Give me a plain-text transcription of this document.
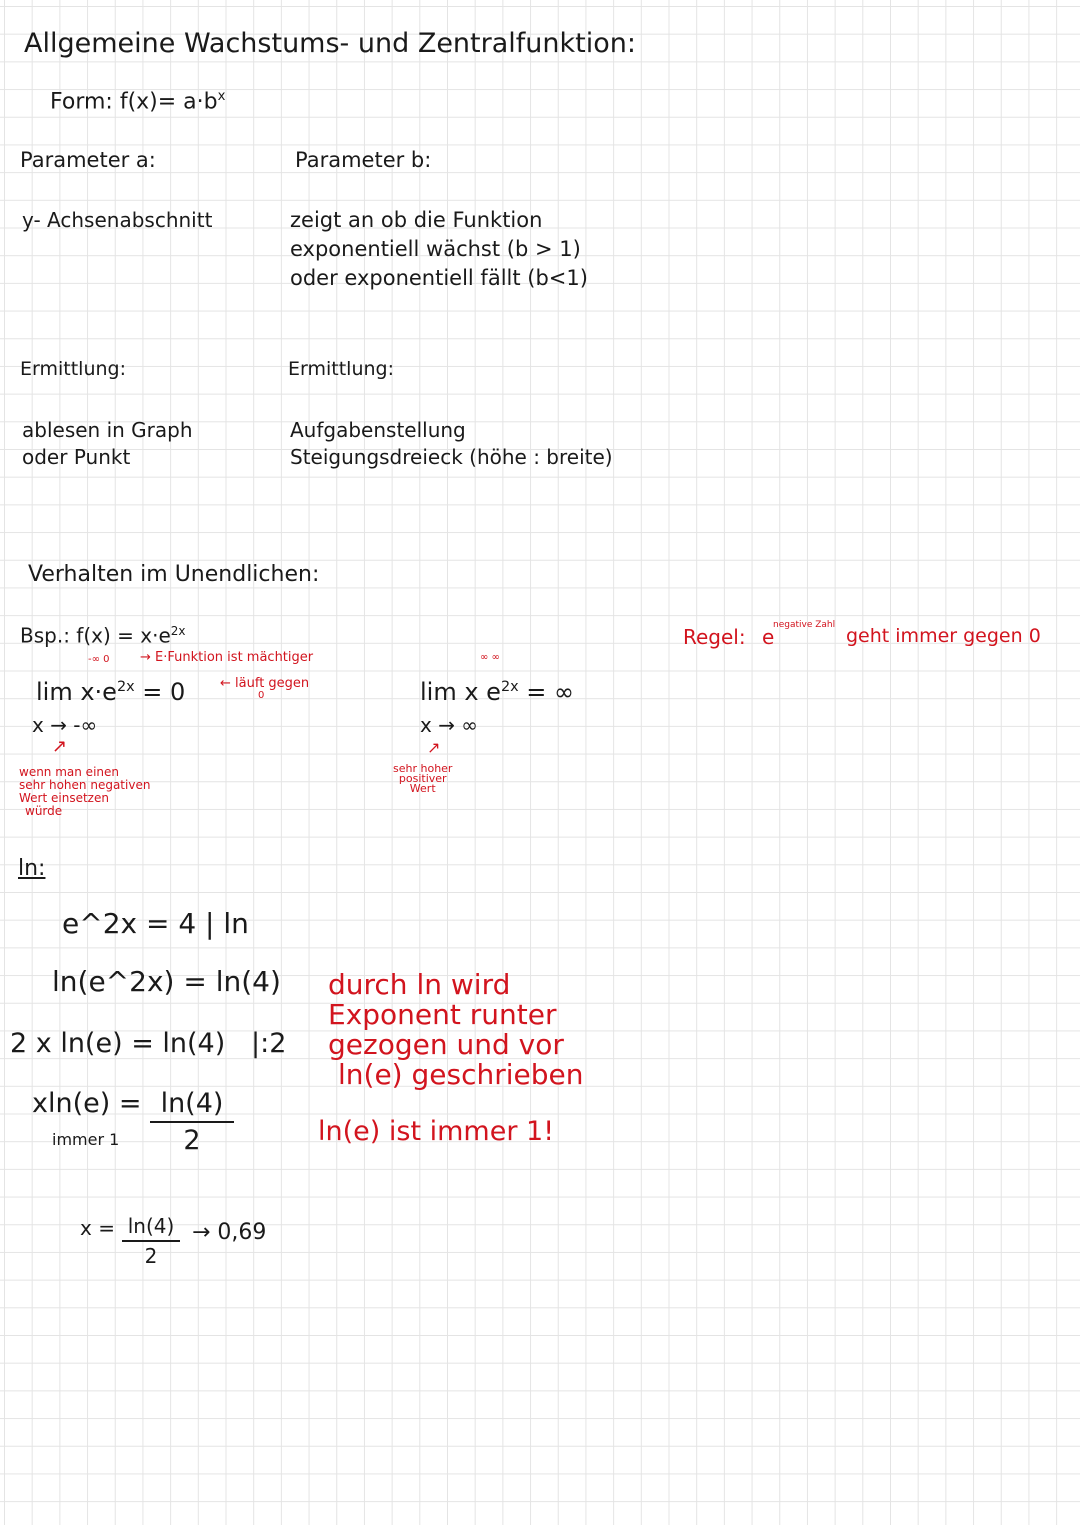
Allgemeine Wachstums- und Zentralfunktion:
Form: $f(x)= a\cdot b^x$
Parameter a:
y- Achsenabschnitt
Ermittlung:
ablesen in Graph
oder Punkt
Parameter b:
zeigt an ob die Funktion
exponentiell wächst (b > 1)
oder exponentiell fällt (b<1)
Ermittlung:
Aufgabenstellung
Steigungsdreieck (höhe : breite)
Verhalten im Unendlichen:
Bsp.: $f(x) = x\cdot e^{2x}$
-∞ 0 → E·Funktion ist mächtiger
$\lim x\cdot e^{2x} = 0$	← läuft gegen
0
x → -∞
↗
wenn man einen
sehr hohen negativen
Wert einsetzen
würde
∞ ∞
lim x $e^{2x}$ = ∞
x → ∞
↗
sehr hoher
positiver
Wert
Regel: e
negative Zahl geht immer gegen 0
ln:
e^2x = 4 | ln
ln(e^2x) = ln(4)
2 x ln(e) = ln(4)   |:2
xln(e) =
immer 1
ln(4)
2
x = ln(4)
2
→ 0,69
durch ln wird
Exponent runter
gezogen und vor
ln(e) geschrieben
ln(e) ist immer 1!
